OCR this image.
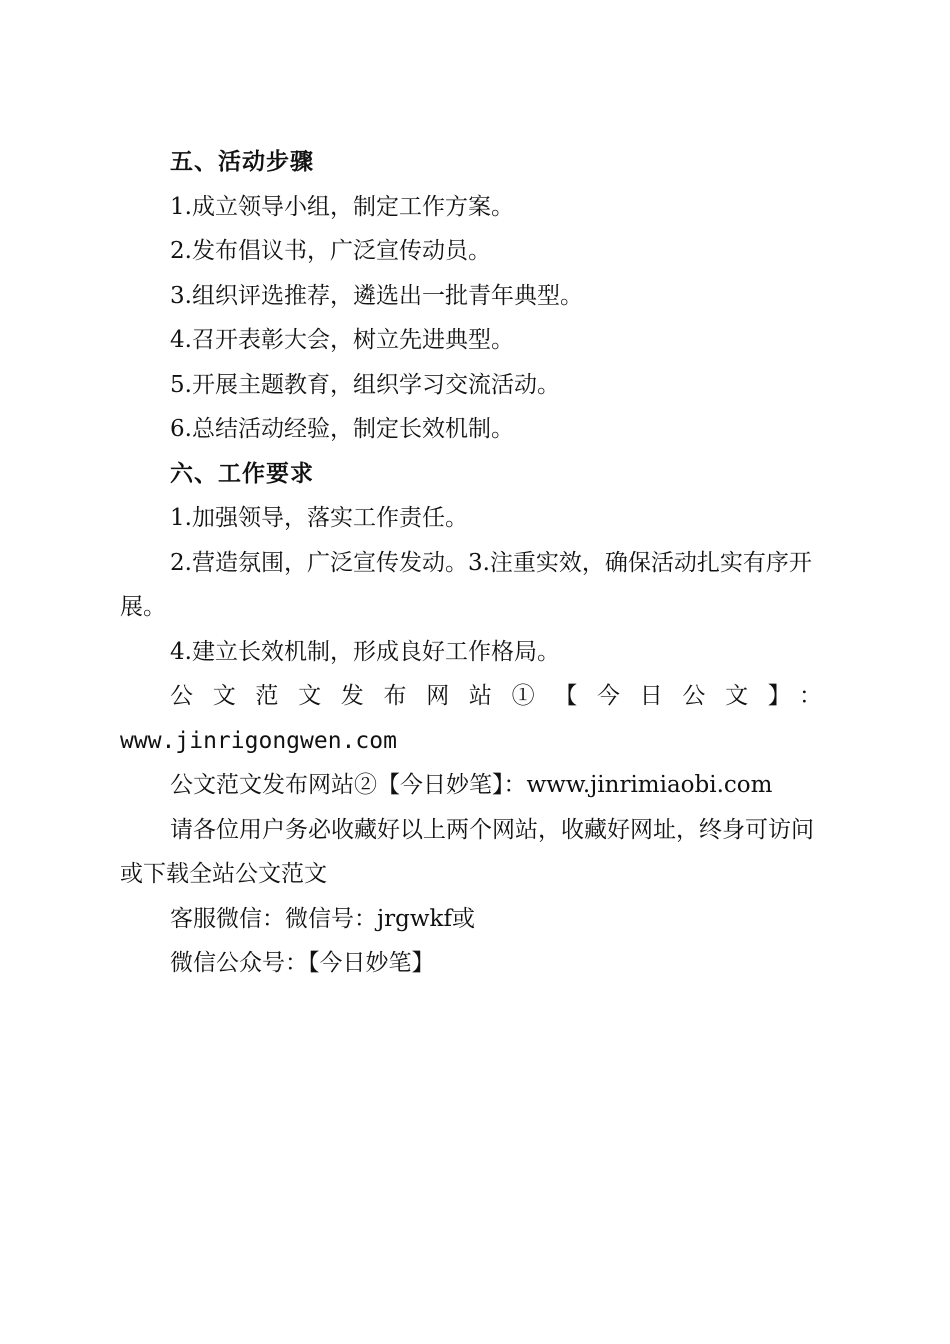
五、活动步骤

1.成立领导小组，制定工作方案。

2.发布倡议书，广泛宣传动员。

3.组织评选推荐，遴选出一批青年典型。

4.召开表彰大会，树立先进典型。

5.开展主题教育，组织学习交流活动。

6.总结活动经验，制定长效机制。

六、工作要求

1.加强领导，落实工作责任。

2.营造氛围，广泛宣传发动。3.注重实效，确保活动扎实有序开展。

4.建立长效机制，形成良好工作格局。

公文范文发布网站①【今日公文】：

www.jinrigongwen.com

公文范文发布网站②【今日妙笔】：www.jinrimiaobi.com

请各位用户务必收藏好以上两个网站，收藏好网址，终身可访问或下载全站公文范文

客服微信：微信号：jrgwkf或

微信公众号：【今日妙笔】
